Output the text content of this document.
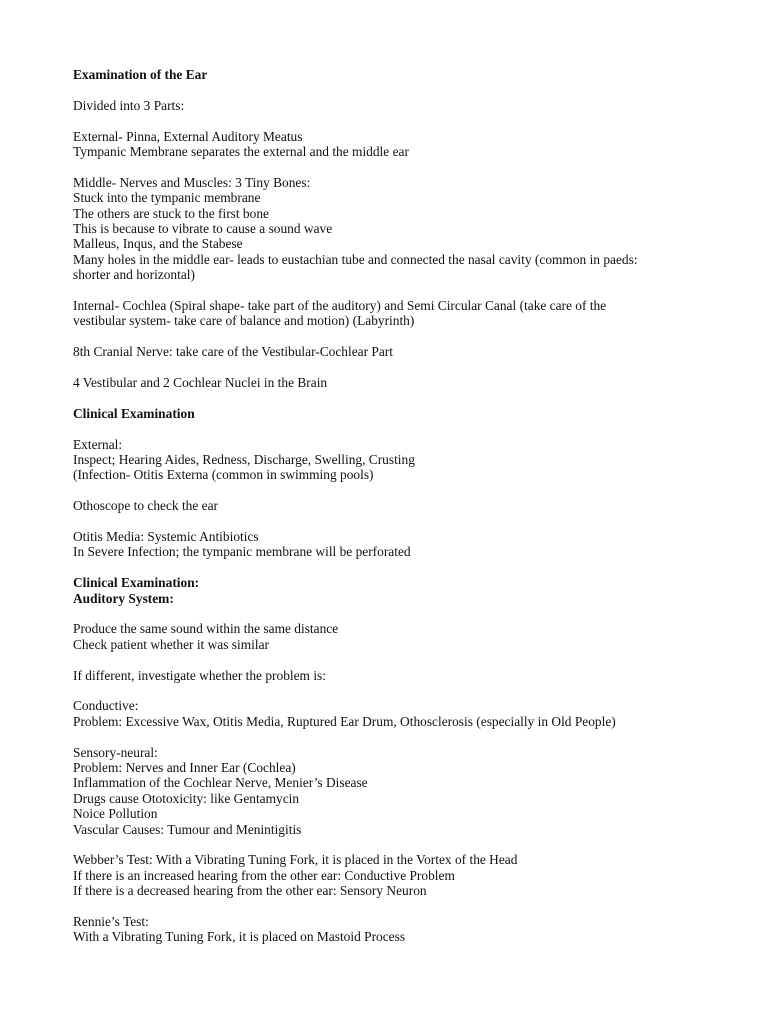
Examination of the Ear
Divided into 3 Parts:
External- Pinna, External Auditory Meatus
Tympanic Membrane separates the external and the middle ear
Middle- Nerves and Muscles: 3 Tiny Bones:
Stuck into the tympanic membrane
The others are stuck to the first bone
This is because to vibrate to cause a sound wave
Malleus, Inqus, and the Stabese
Many holes in the middle ear- leads to eustachian tube and connected the nasal cavity (common in paeds:
shorter and horizontal)
Internal- Cochlea (Spiral shape- take part of the auditory) and Semi Circular Canal (take care of the
vestibular system- take care of balance and motion) (Labyrinth)
8th Cranial Nerve: take care of the Vestibular-Cochlear Part
4 Vestibular and 2 Cochlear Nuclei in the Brain
Clinical Examination
External:
Inspect; Hearing Aides, Redness, Discharge, Swelling, Crusting
(Infection- Otitis Externa (common in swimming pools)
Othoscope to check the ear
Otitis Media: Systemic Antibiotics
In Severe Infection; the tympanic membrane will be perforated
Clinical Examination:
Auditory System:
Produce the same sound within the same distance
Check patient whether it was similar
If different, investigate whether the problem is:
Conductive:
Problem: Excessive Wax, Otitis Media, Ruptured Ear Drum, Othosclerosis (especially in Old People)
Sensory-neural:
Problem: Nerves and Inner Ear (Cochlea)
Inflammation of the Cochlear Nerve, Menier’s Disease
Drugs cause Ototoxicity: like Gentamycin
Noice Pollution
Vascular Causes: Tumour and Menintigitis
Webber’s Test: With a Vibrating Tuning Fork, it is placed in the Vortex of the Head
If there is an increased hearing from the other ear: Conductive Problem
If there is a decreased hearing from the other ear: Sensory Neuron
Rennie’s Test:
With a Vibrating Tuning Fork, it is placed on Mastoid Process
